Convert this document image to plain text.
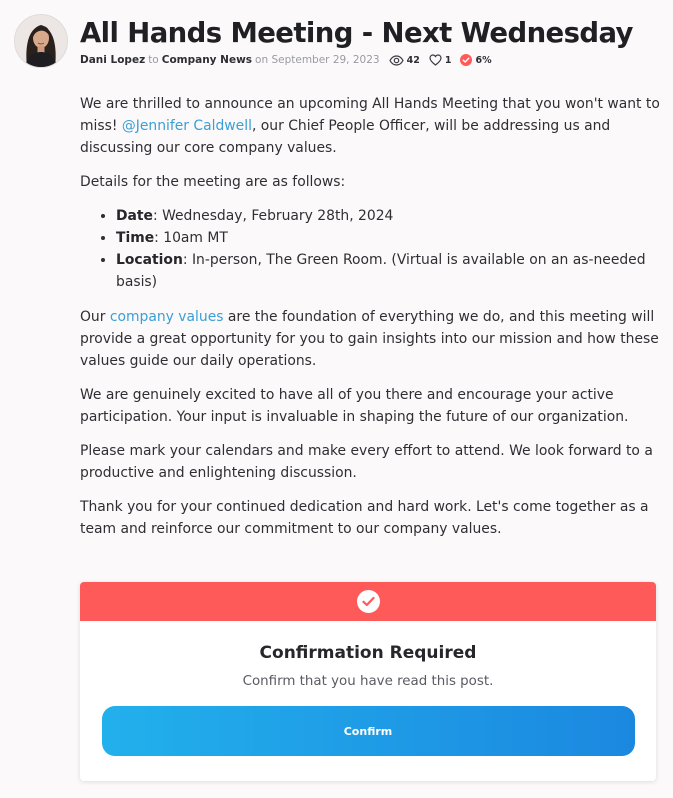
All Hands Meeting - Next Wednesday
Dani Lopez to Company News on September 29, 2023	42	1	6%

We are thrilled to announce an upcoming All Hands Meeting that you won't want to miss! @Jennifer Caldwell, our Chief People Officer, will be addressing us and discussing our core company values.

Details for the meeting are as follows:

• Date: Wednesday, February 28th, 2024
• Time: 10am MT
• Location: In-person, The Green Room. (Virtual is available on an as-needed basis)

Our company values are the foundation of everything we do, and this meeting will provide a great opportunity for you to gain insights into our mission and how these values guide our daily operations.

We are genuinely excited to have all of you there and encourage your active participation. Your input is invaluable in shaping the future of our organization.

Please mark your calendars and make every effort to attend. We look forward to a productive and enlightening discussion.

Thank you for your continued dedication and hard work. Let's come together as a team and reinforce our commitment to our company values.

Confirmation Required
Confirm that you have read this post.
Confirm
